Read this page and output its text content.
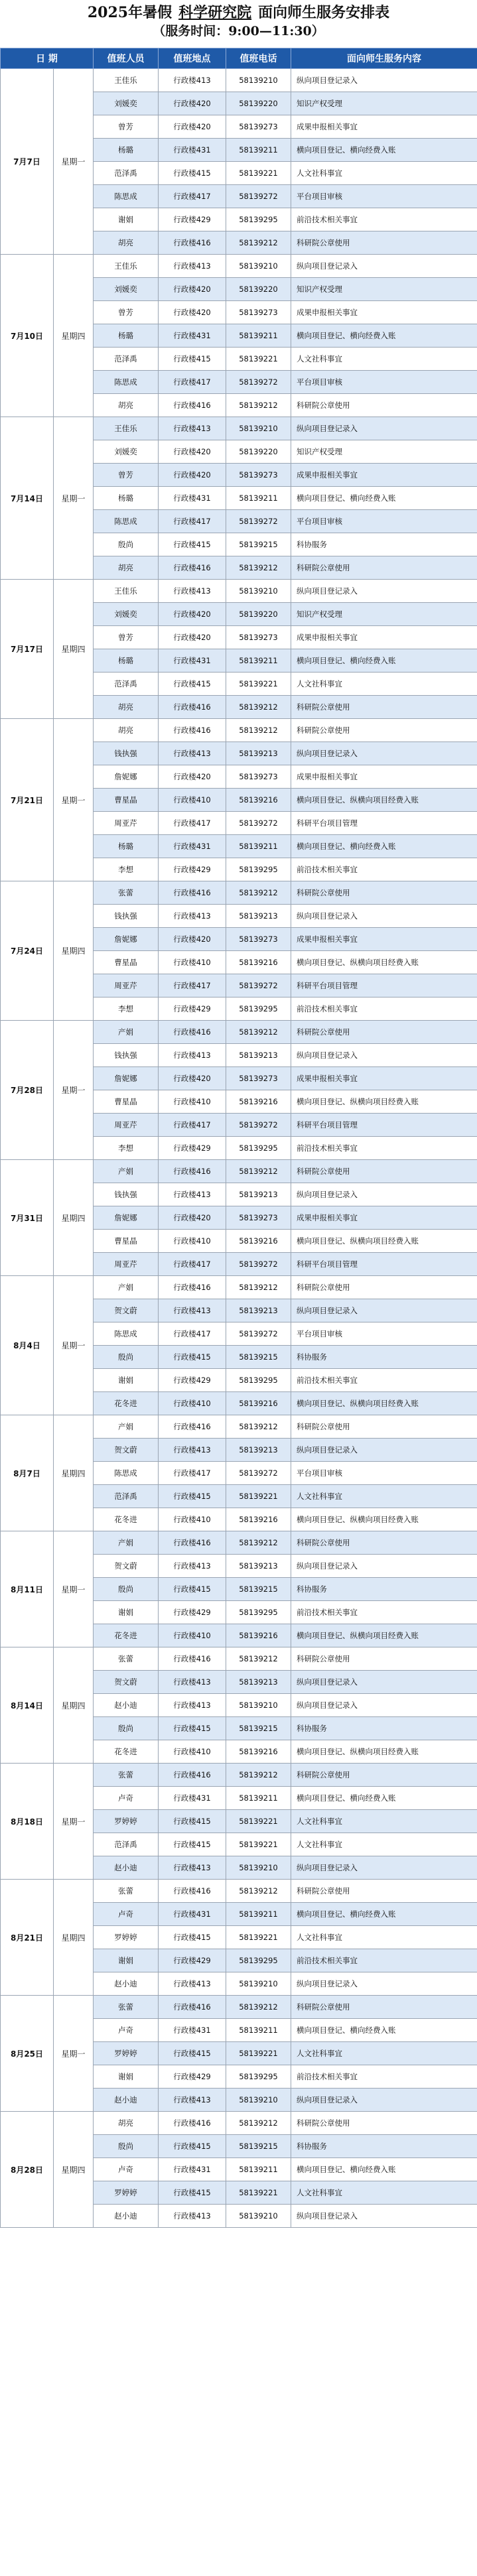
2025年暑假 科学研究院 面向师生服务安排表
（服务时间：9:00—11:30）
日 期		值班人员	值班地点	值班电话	面向师生服务内容
7月7日	星期一	王佳乐	行政楼413	58139210	纵向项目登记录入
		刘媛奕	行政楼420	58139220	知识产权受理
		曾芳	行政楼420	58139273	成果申报相关事宜
		杨璐	行政楼431	58139211	横向项目登记、横向经费入账
		范泽禹	行政楼415	58139221	人文社科事宜
		陈思成	行政楼417	58139272	平台项目审核
		谢娟	行政楼429	58139295	前沿技术相关事宜
		胡亮	行政楼416	58139212	科研院公章使用
7月10日	星期四	王佳乐	行政楼413	58139210	纵向项目登记录入
		刘媛奕	行政楼420	58139220	知识产权受理
		曾芳	行政楼420	58139273	成果申报相关事宜
		杨璐	行政楼431	58139211	横向项目登记、横向经费入账
		范泽禹	行政楼415	58139221	人文社科事宜
		陈思成	行政楼417	58139272	平台项目审核
		胡亮	行政楼416	58139212	科研院公章使用
7月14日	星期一	王佳乐	行政楼413	58139210	纵向项目登记录入
		刘媛奕	行政楼420	58139220	知识产权受理
		曾芳	行政楼420	58139273	成果申报相关事宜
		杨璐	行政楼431	58139211	横向项目登记、横向经费入账
		陈思成	行政楼417	58139272	平台项目审核
		殷尚	行政楼415	58139215	科协服务
		胡亮	行政楼416	58139212	科研院公章使用
7月17日	星期四	王佳乐	行政楼413	58139210	纵向项目登记录入
		刘媛奕	行政楼420	58139220	知识产权受理
		曾芳	行政楼420	58139273	成果申报相关事宜
		杨璐	行政楼431	58139211	横向项目登记、横向经费入账
		范泽禹	行政楼415	58139221	人文社科事宜
		胡亮	行政楼416	58139212	科研院公章使用
7月21日	星期一	胡亮	行政楼416	58139212	科研院公章使用
		钱执强	行政楼413	58139213	纵向项目登记录入
		詹妮娜	行政楼420	58139273	成果申报相关事宜
		曹星晶	行政楼410	58139216	横向项目登记、纵横向项目经费入账
		周亚芹	行政楼417	58139272	科研平台项目管理
		杨璐	行政楼431	58139211	横向项目登记、横向经费入账
		李想	行政楼429	58139295	前沿技术相关事宜
7月24日	星期四	张蕾	行政楼416	58139212	科研院公章使用
		钱执强	行政楼413	58139213	纵向项目登记录入
		詹妮娜	行政楼420	58139273	成果申报相关事宜
		曹星晶	行政楼410	58139216	横向项目登记、纵横向项目经费入账
		周亚芹	行政楼417	58139272	科研平台项目管理
		李想	行政楼429	58139295	前沿技术相关事宜
7月28日	星期一	产娟	行政楼416	58139212	科研院公章使用
		钱执强	行政楼413	58139213	纵向项目登记录入
		詹妮娜	行政楼420	58139273	成果申报相关事宜
		曹星晶	行政楼410	58139216	横向项目登记、纵横向项目经费入账
		周亚芹	行政楼417	58139272	科研平台项目管理
		李想	行政楼429	58139295	前沿技术相关事宜
7月31日	星期四	产娟	行政楼416	58139212	科研院公章使用
		钱执强	行政楼413	58139213	纵向项目登记录入
		詹妮娜	行政楼420	58139273	成果申报相关事宜
		曹星晶	行政楼410	58139216	横向项目登记、纵横向项目经费入账
		周亚芹	行政楼417	58139272	科研平台项目管理
8月4日	星期一	产娟	行政楼416	58139212	科研院公章使用
		贺文蔚	行政楼413	58139213	纵向项目登记录入
		陈思成	行政楼417	58139272	平台项目审核
		殷尚	行政楼415	58139215	科协服务
		谢娟	行政楼429	58139295	前沿技术相关事宜
		花冬进	行政楼410	58139216	横向项目登记、纵横向项目经费入账
8月7日	星期四	产娟	行政楼416	58139212	科研院公章使用
		贺文蔚	行政楼413	58139213	纵向项目登记录入
		陈思成	行政楼417	58139272	平台项目审核
		范泽禹	行政楼415	58139221	人文社科事宜
		花冬进	行政楼410	58139216	横向项目登记、纵横向项目经费入账
8月11日	星期一	产娟	行政楼416	58139212	科研院公章使用
		贺文蔚	行政楼413	58139213	纵向项目登记录入
		殷尚	行政楼415	58139215	科协服务
		谢娟	行政楼429	58139295	前沿技术相关事宜
		花冬进	行政楼410	58139216	横向项目登记、纵横向项目经费入账
8月14日	星期四	张蕾	行政楼416	58139212	科研院公章使用
		贺文蔚	行政楼413	58139213	纵向项目登记录入
		赵小迪	行政楼413	58139210	纵向项目登记录入
		殷尚	行政楼415	58139215	科协服务
		花冬进	行政楼410	58139216	横向项目登记、纵横向项目经费入账
8月18日	星期一	张蕾	行政楼416	58139212	科研院公章使用
		卢奇	行政楼431	58139211	横向项目登记、横向经费入账
		罗婷婷	行政楼415	58139221	人文社科事宜
		范泽禹	行政楼415	58139221	人文社科事宜
		赵小迪	行政楼413	58139210	纵向项目登记录入
8月21日	星期四	张蕾	行政楼416	58139212	科研院公章使用
		卢奇	行政楼431	58139211	横向项目登记、横向经费入账
		罗婷婷	行政楼415	58139221	人文社科事宜
		谢娟	行政楼429	58139295	前沿技术相关事宜
		赵小迪	行政楼413	58139210	纵向项目登记录入
8月25日	星期一	张蕾	行政楼416	58139212	科研院公章使用
		卢奇	行政楼431	58139211	横向项目登记、横向经费入账
		罗婷婷	行政楼415	58139221	人文社科事宜
		谢娟	行政楼429	58139295	前沿技术相关事宜
		赵小迪	行政楼413	58139210	纵向项目登记录入
8月28日	星期四	胡亮	行政楼416	58139212	科研院公章使用
		殷尚	行政楼415	58139215	科协服务
		卢奇	行政楼431	58139211	横向项目登记、横向经费入账
		罗婷婷	行政楼415	58139221	人文社科事宜
		赵小迪	行政楼413	58139210	纵向项目登记录入
